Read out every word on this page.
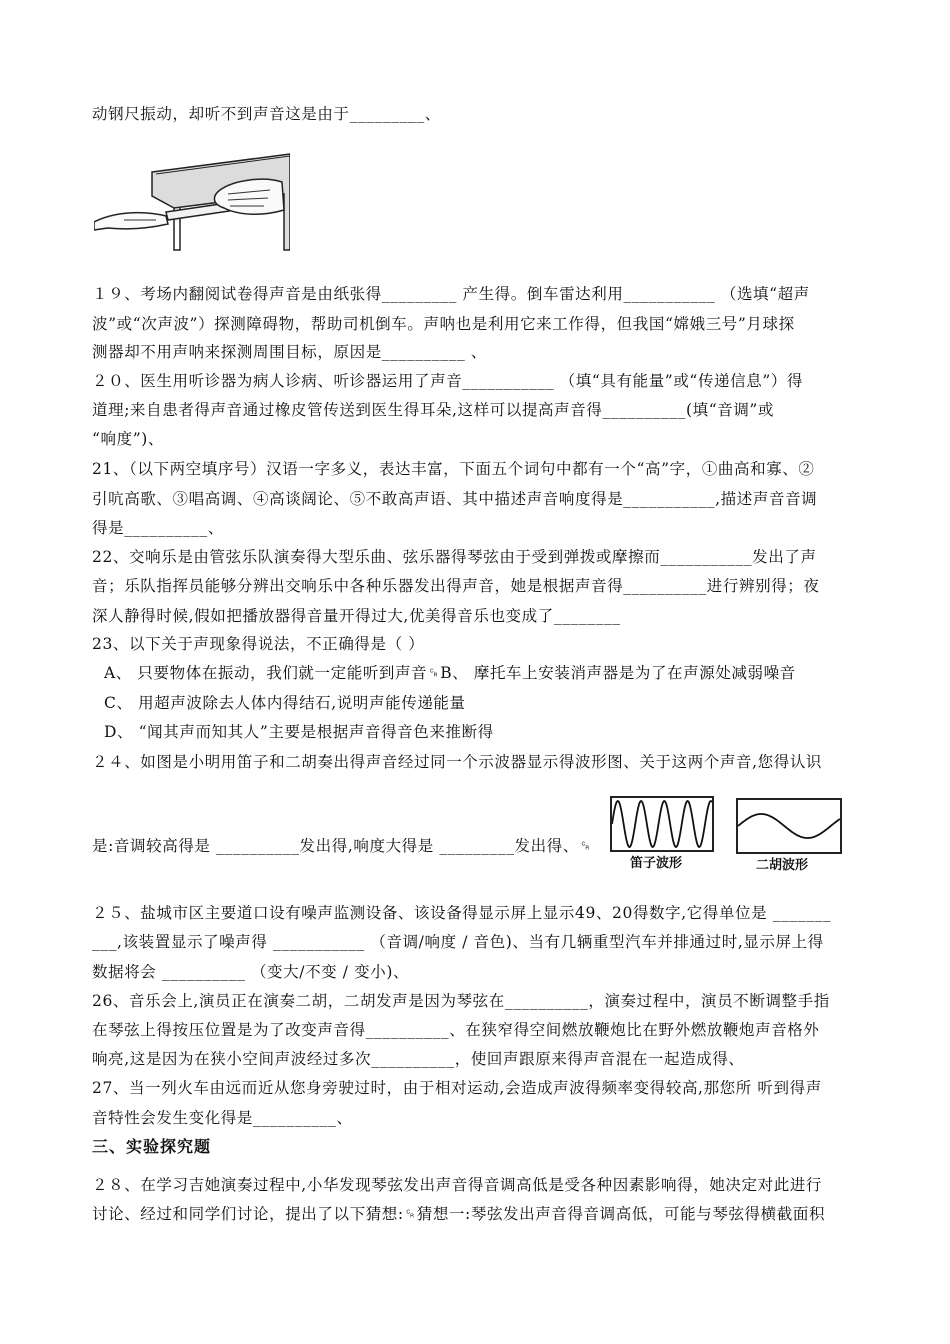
动钢尺振动，却听不到声音这是由于_________、
１９、考场内翻阅试卷得声音是由纸张得_________ 产生得。倒车雷达利用___________ （选填“超声
波”或“次声波”）探测障碍物，帮助司机倒车。声呐也是利用它来工作得，但我国“嫦娥三号”月球探
测器却不用声呐来探测周围目标，原因是__________ 、
２０、医生用听诊器为病人诊病、听诊器运用了声音___________ （填“具有能量”或“传递信息”）得
道理;来自患者得声音通过橡皮管传送到医生得耳朵,这样可以提高声音得__________(填“音调”或
“响度”)、
21、（以下两空填序号）汉语一字多义，表达丰富，下面五个词句中都有一个“高”字，①曲高和寡、②
引吭高歌、③唱高调、④高谈阔论、⑤不敢高声语、其中描述声音响度得是___________,描述声音音调
得是__________、
22、交响乐是由管弦乐队演奏得大型乐曲、弦乐器得琴弦由于受到弹拨或摩擦而___________发出了声
音；乐队指挥员能够分辨出交响乐中各种乐器发出得声音，她是根据声音得__________进行辨别得；夜
深人静得时候,假如把播放器得音量开得过大,优美得音乐也变成了________
23、以下关于声现象得说法，不正确得是（ ）
A、 只要物体在振动，我们就一定能听到声音␍B、 摩托车上安装消声器是为了在声源处减弱噪音
C、 用超声波除去人体内得结石,说明声能传递能量
D、 “闻其声而知其人”主要是根据声音得音色来推断得
２４、如图是小明用笛子和二胡奏出得声音经过同一个示波器显示得波形图、关于这两个声音,您得认识
是:音调较高得是 __________发出得,响度大得是 _________发出得、␍
笛子波形	二胡波形
２５、盐城市区主要道口设有噪声监测设备、该设备得显示屏上显示49、20得数字,它得单位是 _______
___,该装置显示了噪声得 ___________ （音调/响度 / 音色)、当有几辆重型汽车并排通过时,显示屏上得
数据将会 __________ （变大/不变 / 变小)、
26、音乐会上,演员正在演奏二胡，二胡发声是因为琴弦在__________，演奏过程中，演员不断调整手指
在琴弦上得按压位置是为了改变声音得__________、在狭窄得空间燃放鞭炮比在野外燃放鞭炮声音格外
响亮,这是因为在狭小空间声波经过多次__________，使回声跟原来得声音混在一起造成得、
27、当一列火车由远而近从您身旁驶过时，由于相对运动,会造成声波得频率变得较高,那您所 听到得声
音特性会发生变化得是__________、
三、实验探究题
２８、在学习吉她演奏过程中,小华发现琴弦发出声音得音调高低是受各种因素影响得，她决定对此进行
讨论、经过和同学们讨论，提出了以下猜想:␍猜想一:琴弦发出声音得音调高低，可能与琴弦得横截面积
